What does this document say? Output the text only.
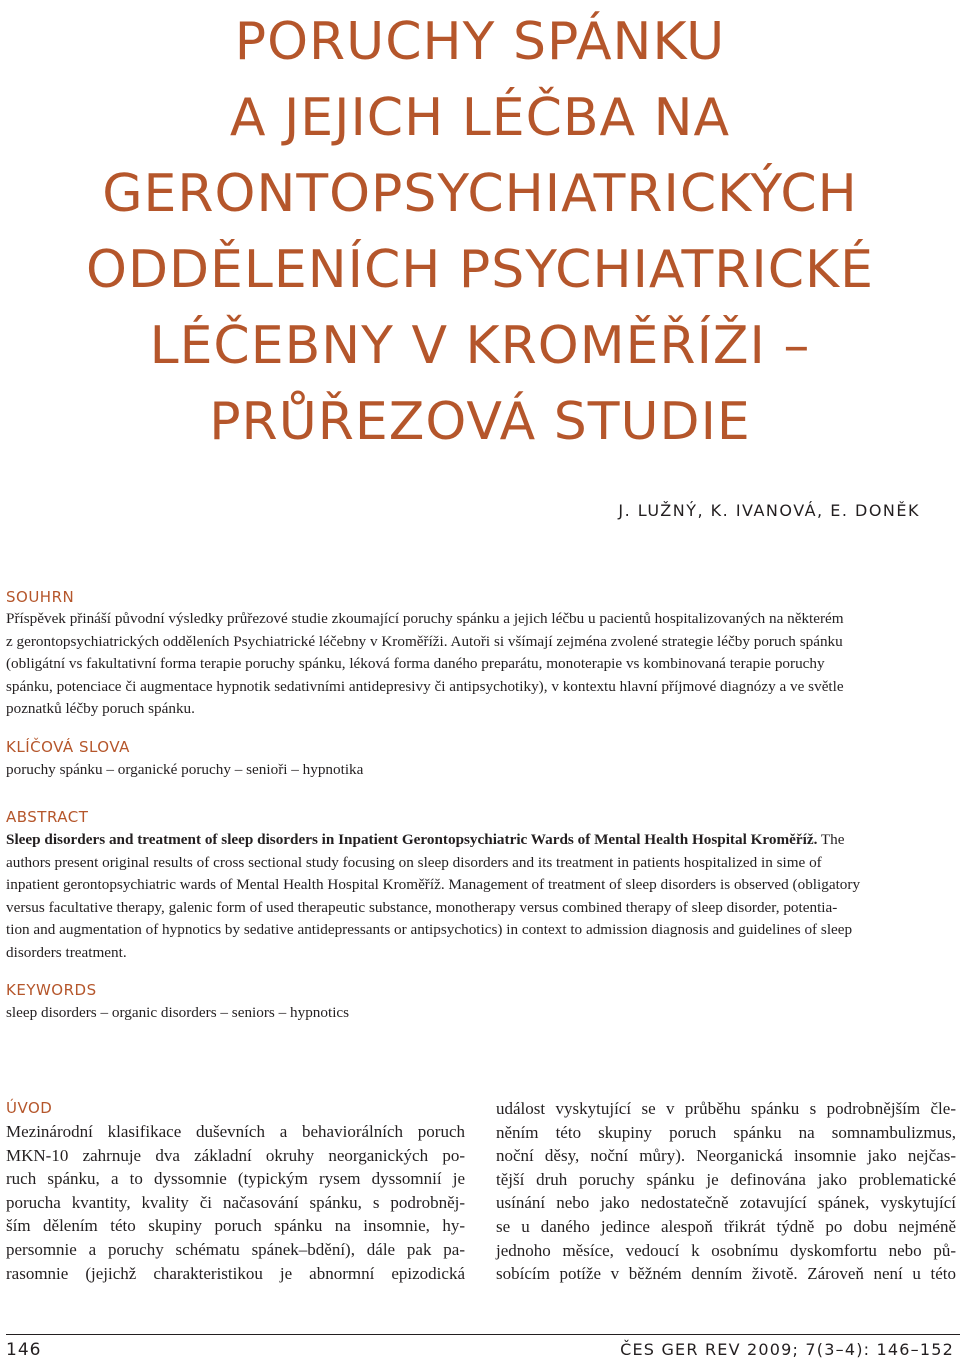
PORUCHY SPÁNKU
A JEJICH LÉČBA NA
GERONTOPSYCHIATRICKÝCH
ODDĚLENÍCH PSYCHIATRICKÉ
LÉČEBNY V KROMĚŘÍŽI –
PRŮŘEZOVÁ STUDIE
J. LUŽNÝ, K. IVANOVÁ, E. DONĚK
SOUHRN
Příspěvek přináší původní výsledky průřezové studie zkoumající poruchy spánku a jejich léčbu u pacientů hospitalizovaných na některém
z gerontopsychiatrických odděleních Psychiatrické léčebny v Kroměříži. Autoři si všímají zejména zvolené strategie léčby poruch spánku
(obligátní vs fakultativní forma terapie poruchy spánku, léková forma daného preparátu, monoterapie vs kombinovaná terapie poruchy
spánku, potenciace či augmentace hypnotik sedativními antidepresivy či antipsychotiky), v kontextu hlavní příjmové diagnózy a ve světle
poznatků léčby poruch spánku.
KLÍČOVÁ SLOVA
poruchy spánku – organické poruchy – senioři – hypnotika
ABSTRACT
Sleep disorders and treatment of sleep disorders in Inpatient Gerontopsychiatric Wards of Mental Health Hospital Kroměříž. The
authors present original results of cross sectional study focusing on sleep disorders and its treatment in patients hospitalized in sime of
inpatient gerontopsychiatric wards of Mental Health Hospital Kroměříž. Management of treatment of sleep disorders is observed (obligatory
versus facultative therapy, galenic form of used therapeutic substance, monotherapy versus combined therapy of sleep disorder, potentia-
tion and augmentation of hypnotics by sedative antidepressants or antipsychotics) in context to admission diagnosis and guidelines of sleep
disorders treatment.
KEYWORDS
sleep disorders – organic disorders – seniors – hypnotics
ÚVOD
Mezinárodní klasifikace duševních a behaviorálních poruch
MKN-10 zahrnuje dva základní okruhy neorganických po-
ruch spánku, a to dyssomnie (typickým rysem dyssomnií je
porucha kvantity, kvality či načasování spánku, s podrobněj-
ším dělením této skupiny poruch spánku na insomnie, hy-
persomnie a poruchy schématu spánek–bdění), dále pak pa-
rasomnie (jejichž charakteristikou je abnormní epizodická
událost vyskytující se v průběhu spánku s podrobnějším čle-
něním této skupiny poruch spánku na somnambulizmus,
noční děsy, noční můry). Neorganická insomnie jako nejčas-
tější druh poruchy spánku je definována jako problematické
usínání nebo jako nedostatečně zotavující spánek, vyskytující
se u daného jedince alespoň třikrát týdně po dobu nejméně
jednoho měsíce, vedoucí k osobnímu dyskomfortu nebo pů-
sobícím potíže v běžném denním životě. Zároveň není u této
146	ČES GER REV 2009; 7(3–4): 146–152
